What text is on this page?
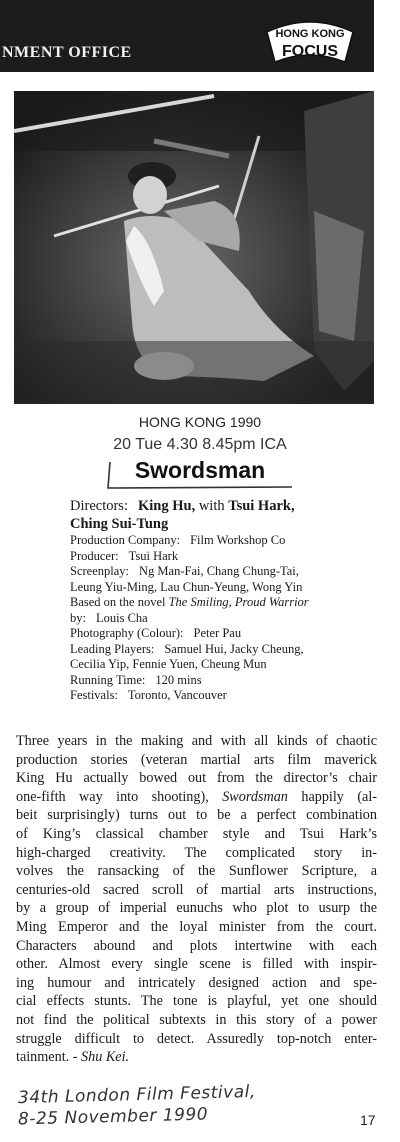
NMENT OFFICE
HONG KONG
FOCUS
HONG KONG 1990
20 Tue 4.30 8.45pm ICA
Swordsman
Directors: King Hu, with Tsui Hark,
Ching Sui-Tung
Production Company: Film Workshop Co
Producer: Tsui Hark
Screenplay: Ng Man-Fai, Chang Chung-Tai,
Leung Yiu-Ming, Lau Chun-Yeung, Wong Yin
Based on the novel The Smiling, Proud Warrior
by: Louis Cha
Photography (Colour): Peter Pau
Leading Players: Samuel Hui, Jacky Cheung,
Cecilia Yip, Fennie Yuen, Cheung Mun
Running Time: 120 mins
Festivals: Toronto, Vancouver
Three years in the making and with all kinds of chaotic
production stories (veteran martial arts film maverick
King Hu actually bowed out from the director’s chair
one-fifth way into shooting), Swordsman happily (al-
beit surprisingly) turns out to be a perfect combination
of King’s classical chamber style and Tsui Hark’s
high-charged creativity. The complicated story in-
volves the ransacking of the Sunflower Scripture, a
centuries-old sacred scroll of martial arts instructions,
by a group of imperial eunuchs who plot to usurp the
Ming Emperor and the loyal minister from the court.
Characters abound and plots intertwine with each
other. Almost every single scene is filled with inspir-
ing humour and intricately designed action and spe-
cial effects stunts. The tone is playful, yet one should
not find the political subtexts in this story of a power
struggle difficult to detect. Assuredly top-notch enter-
tainment. - Shu Kei.
34th London Film Festival,
8-25 November 1990	17
